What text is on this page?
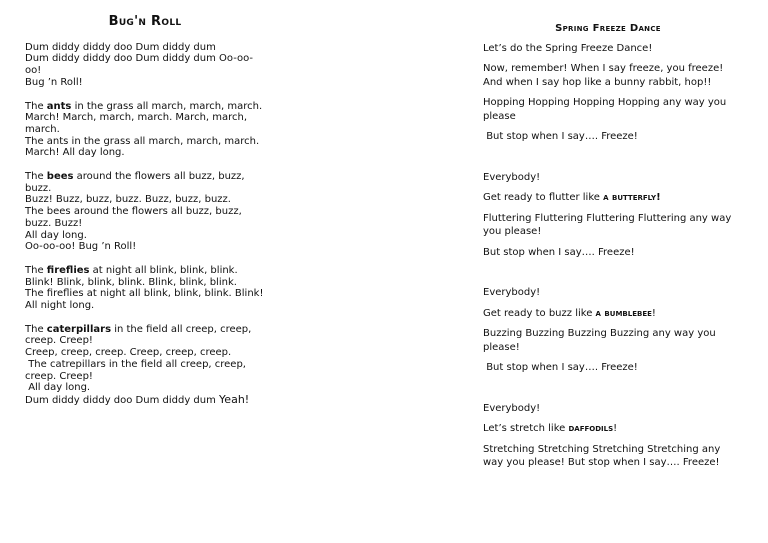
Bug'n Roll
Dum diddy diddy doo Dum diddy dum
Dum diddy diddy doo Dum diddy dum Oo-oo-oo!
Bug ’n Roll!
The ants in the grass all march, march, march.
March! March, march, march. March, march, march.
The ants in the grass all march, march, march.
March! All day long.
The bees around the flowers all buzz, buzz, buzz.
Buzz! Buzz, buzz, buzz. Buzz, buzz, buzz.
The bees around the flowers all buzz, buzz, buzz. Buzz!
All day long.
Oo-oo-oo! Bug ’n Roll!
The fireflies at night all blink, blink, blink.
Blink! Blink, blink, blink. Blink, blink, blink.
The fireflies at night all blink, blink, blink. Blink!
All night long.
The caterpillars in the field all creep, creep, creep. Creep!
Creep, creep, creep. Creep, creep, creep.
The catrepillars in the field all creep, creep, creep. Creep!
All day long.
Dum diddy diddy doo Dum diddy dum Yeah!
Spring Freeze Dance
Let’s do the Spring Freeze Dance!
Now, remember! When I say freeze, you freeze!
And when I say hop like a bunny rabbit, hop!!
Hopping Hopping Hopping Hopping any way you please
But stop when I say…. Freeze!
Everybody!
Get ready to flutter like a butterfly!
Fluttering Fluttering Fluttering Fluttering any way you please!
But stop when I say…. Freeze!
Everybody!
Get ready to buzz like a bumblebee!
Buzzing Buzzing Buzzing Buzzing any way you please!
But stop when I say…. Freeze!
Everybody!
Let’s stretch like daffodils!
Stretching Stretching Stretching Stretching any way you please! But stop when I say…. Freeze!
